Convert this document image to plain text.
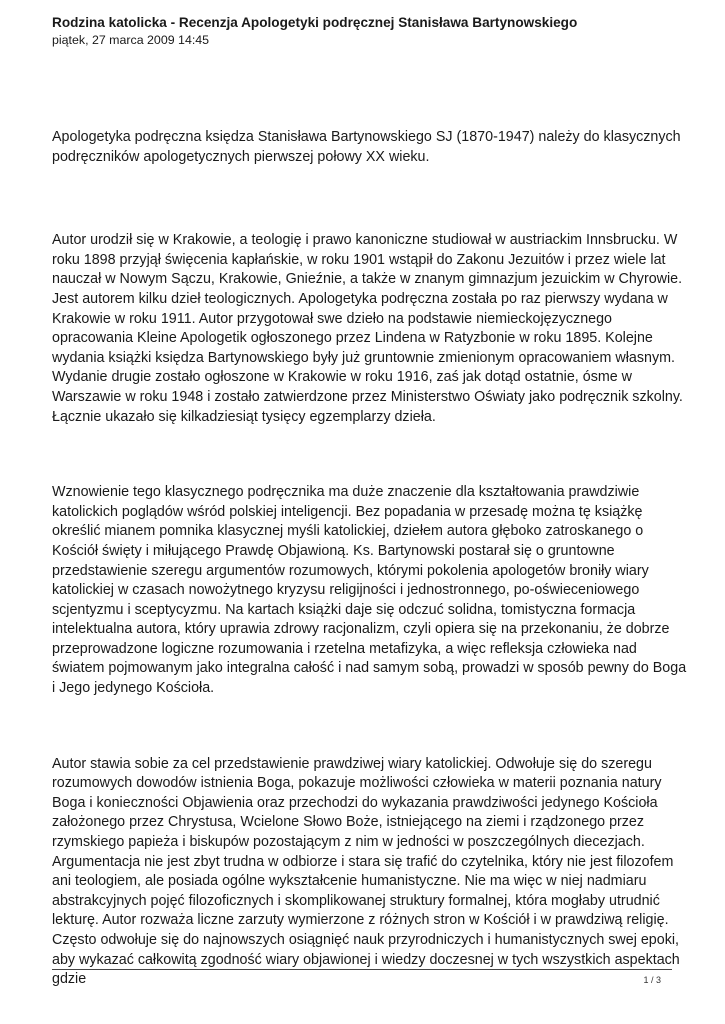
Rodzina katolicka - Recenzja Apologetyki podręcznej Stanisława Bartynowskiego

piątek, 27 marca 2009 14:45

Apologetyka podręczna księdza Stanisława Bartynowskiego SJ (1870-1947) należy do klasycznych podręczników apologetycznych pierwszej połowy XX wieku.

Autor urodził się w Krakowie, a teologię i prawo kanoniczne studiował w austriackim Innsbrucku. W roku 1898 przyjął święcenia kapłańskie, w roku 1901 wstąpił do Zakonu Jezuitów i przez wiele lat nauczał w Nowym Sączu, Krakowie, Gnieźnie, a także w znanym gimnazjum jezuickim w Chyrowie. Jest autorem kilku dzieł teologicznych. Apologetyka podręczna została po raz pierwszy wydana w Krakowie w roku 1911. Autor przygotował swe dzieło na podstawie niemieckojęzycznego opracowania Kleine Apologetik ogłoszonego przez Lindena w Ratyzbonie w roku 1895. Kolejne wydania książki księdza Bartynowskiego były już gruntownie zmienionym opracowaniem własnym. Wydanie drugie zostało ogłoszone w Krakowie w roku 1916, zaś jak dotąd ostatnie, ósme w Warszawie w roku 1948 i zostało zatwierdzone przez Ministerstwo Oświaty jako podręcznik szkolny. Łącznie ukazało się kilkadziesiąt tysięcy egzemplarzy dzieła.

Wznowienie tego klasycznego podręcznika ma duże znaczenie dla kształtowania prawdziwie katolickich poglądów wśród polskiej inteligencji. Bez popadania w przesadę można tę książkę określić mianem pomnika klasycznej myśli katolickiej, dziełem autora głęboko zatroskanego o Kościół święty i miłującego Prawdę Objawioną. Ks. Bartynowski postarał się o gruntowne przedstawienie szeregu argumentów rozumowych, którymi pokolenia apologetów broniły wiary katolickiej w czasach nowożytnego kryzysu religijności i jednostronnego, po-oświeceniowego scjentyzmu i sceptycyzmu. Na kartach książki daje się odczuć solidna, tomistyczna formacja intelektualna autora, który uprawia zdrowy racjonalizm, czyli opiera się na przekonaniu, że dobrze przeprowadzone logiczne rozumowania i rzetelna metafizyka, a więc refleksja człowieka nad światem pojmowanym jako integralna całość i nad samym sobą, prowadzi w sposób pewny do Boga i Jego jedynego Kościoła.

Autor stawia sobie za cel przedstawienie prawdziwej wiary katolickiej. Odwołuje się do szeregu rozumowych dowodów istnienia Boga, pokazuje możliwości człowieka w materii poznania natury Boga i konieczności Objawienia oraz przechodzi do wykazania prawdziwości jedynego Kościoła założonego przez Chrystusa, Wcielone Słowo Boże, istniejącego na ziemi i rządzonego przez rzymskiego papieża i biskupów pozostającym z nim w jedności w poszczególnych diecezjach. Argumentacja nie jest zbyt trudna w odbiorze i stara się trafić do czytelnika, który nie jest filozofem ani teologiem, ale posiada ogólne wykształcenie humanistyczne. Nie ma więc w niej nadmiaru abstrakcyjnych pojęć filozoficznych i skomplikowanej struktury formalnej, która mogłaby utrudnić lekturę. Autor rozważa liczne zarzuty wymierzone z różnych stron w Kościół i w prawdziwą religię. Często odwołuje się do najnowszych osiągnięć nauk przyrodniczych i humanistycznych swej epoki, aby wykazać całkowitą zgodność wiary objawionej i wiedzy doczesnej w tych wszystkich aspektach gdzie	1 / 3
